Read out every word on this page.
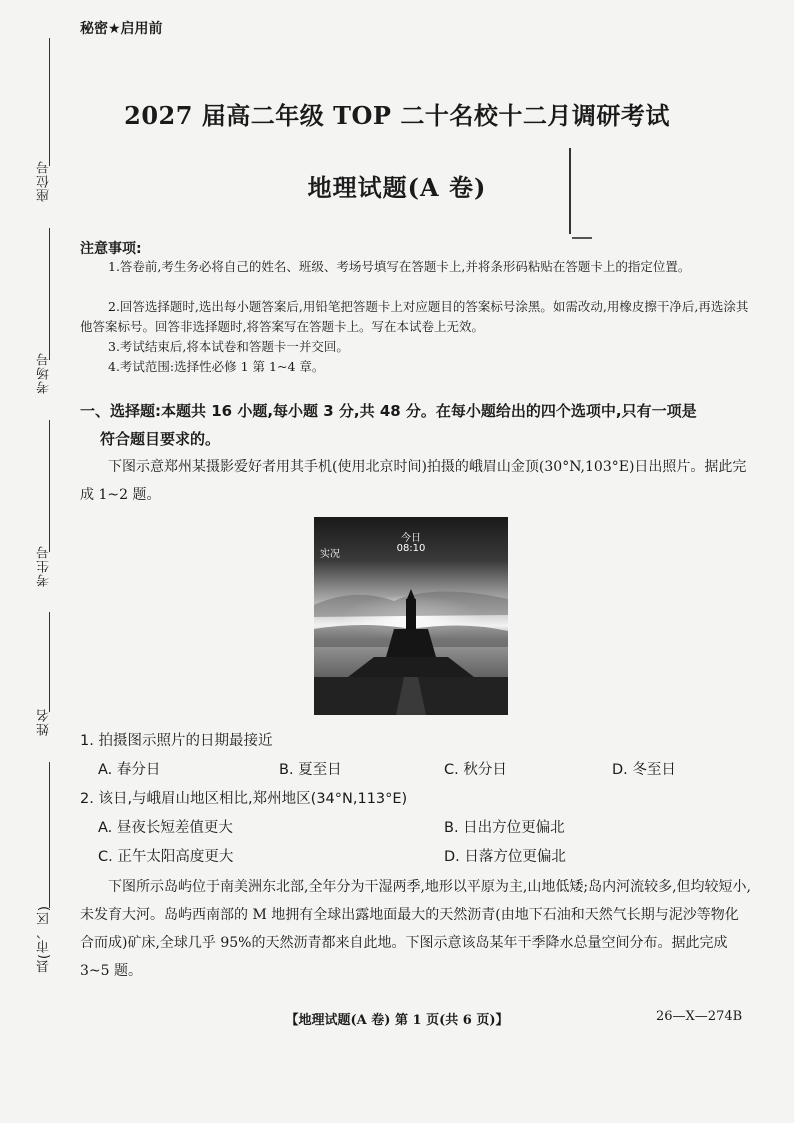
秘密★启用前
2027 届高二年级 TOP 二十名校十二月调研考试
地理试题(A 卷)
座位号
考场号
考生号
姓名
县(市、区)
注意事项:
1.答卷前,考生务必将自己的姓名、班级、考场号填写在答题卡上,并将条形码粘贴在答题卡上的指定位置。
2.回答选择题时,选出每小题答案后,用铅笔把答题卡上对应题目的答案标号涂黑。如需改动,用橡皮擦干净后,再选涂其他答案标号。回答非选择题时,将答案写在答题卡上。写在本试卷上无效。
3.考试结束后,将本试卷和答题卡一并交回。
4.考试范围:选择性必修 1 第 1~4 章。
一、选择题:本题共 16 小题,每小题 3 分,共 48 分。在每小题给出的四个选项中,只有一项是
符合题目要求的。
下图示意郑州某摄影爱好者用其手机(使用北京时间)拍摄的峨眉山金顶(30°N,103°E)日出照片。据此完成 1~2 题。
实况
今日
08:10
1. 拍摄图示照片的日期最接近
A. 春分日	B. 夏至日	C. 秋分日	D. 冬至日
2. 该日,与峨眉山地区相比,郑州地区(34°N,113°E)
A. 昼夜长短差值更大	B. 日出方位更偏北
C. 正午太阳高度更大	D. 日落方位更偏北
下图所示岛屿位于南美洲东北部,全年分为干湿两季,地形以平原为主,山地低矮;岛内河流较多,但均较短小,未发育大河。岛屿西南部的 M 地拥有全球出露地面最大的天然沥青(由地下石油和天然气长期与泥沙等物化合而成)矿床,全球几乎 95%的天然沥青都来自此地。下图示意该岛某年干季降水总量空间分布。据此完成 3~5 题。
【地理试题(A 卷) 第 1 页(共 6 页)】	26—X—274B
